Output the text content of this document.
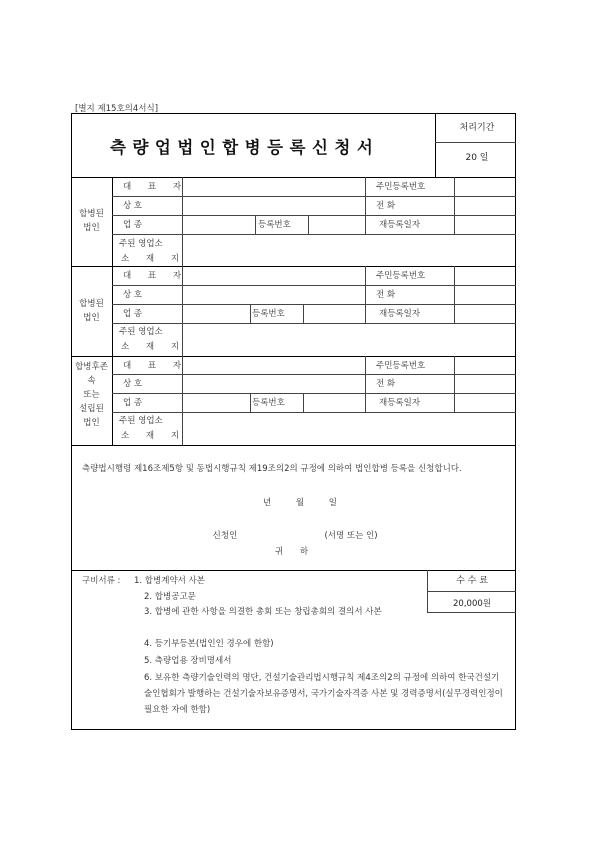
[별지 제15호의4서식]
측량업법인합병등록신청서
처리기간
20 일
합병된
법인
대 표 자	주민등록번호
상 호	전 화
업 종	등록번호	재등록일자
주된 영업소
소 재 지
합병된
법인
대 표 자	주민등록번호
상 호	전 화
업 종	등록번호	재등록일자
주된 영업소
소 재 지
합병후존
속
또는
설립된
법인
대 표 자	주민등록번호
상 호	전 화
업 종	등록번호	재등록일자
주된 영업소
소 재 지
측량법시행령 제16조제5항 및 동법시행규칙 제19조의2의 규정에 의하여 법인합병 등록을 신청합니다.
년 월 일
신청인	(서명 또는 인)
귀 하
구비서류 : 1. 합병계약서 사본
2. 합병공고문
3. 합병에 관한 사항을 의결한 총회 또는 창립총회의 결의서 사본
4. 등기부등본(법인인 경우에 한함)
5. 측량업용 장비명세서
6. 보유한 측량기술인력의 명단, 건설기술관리법시행규칙 제4조의2의 규정에 의하여 한국건설기술인협회가 발행하는 건설기술자보유증명서, 국가기술자격증 사본 및 경력증명서(실무경력인정이 필요한 자에 한함)
수 수 료
20,000원
